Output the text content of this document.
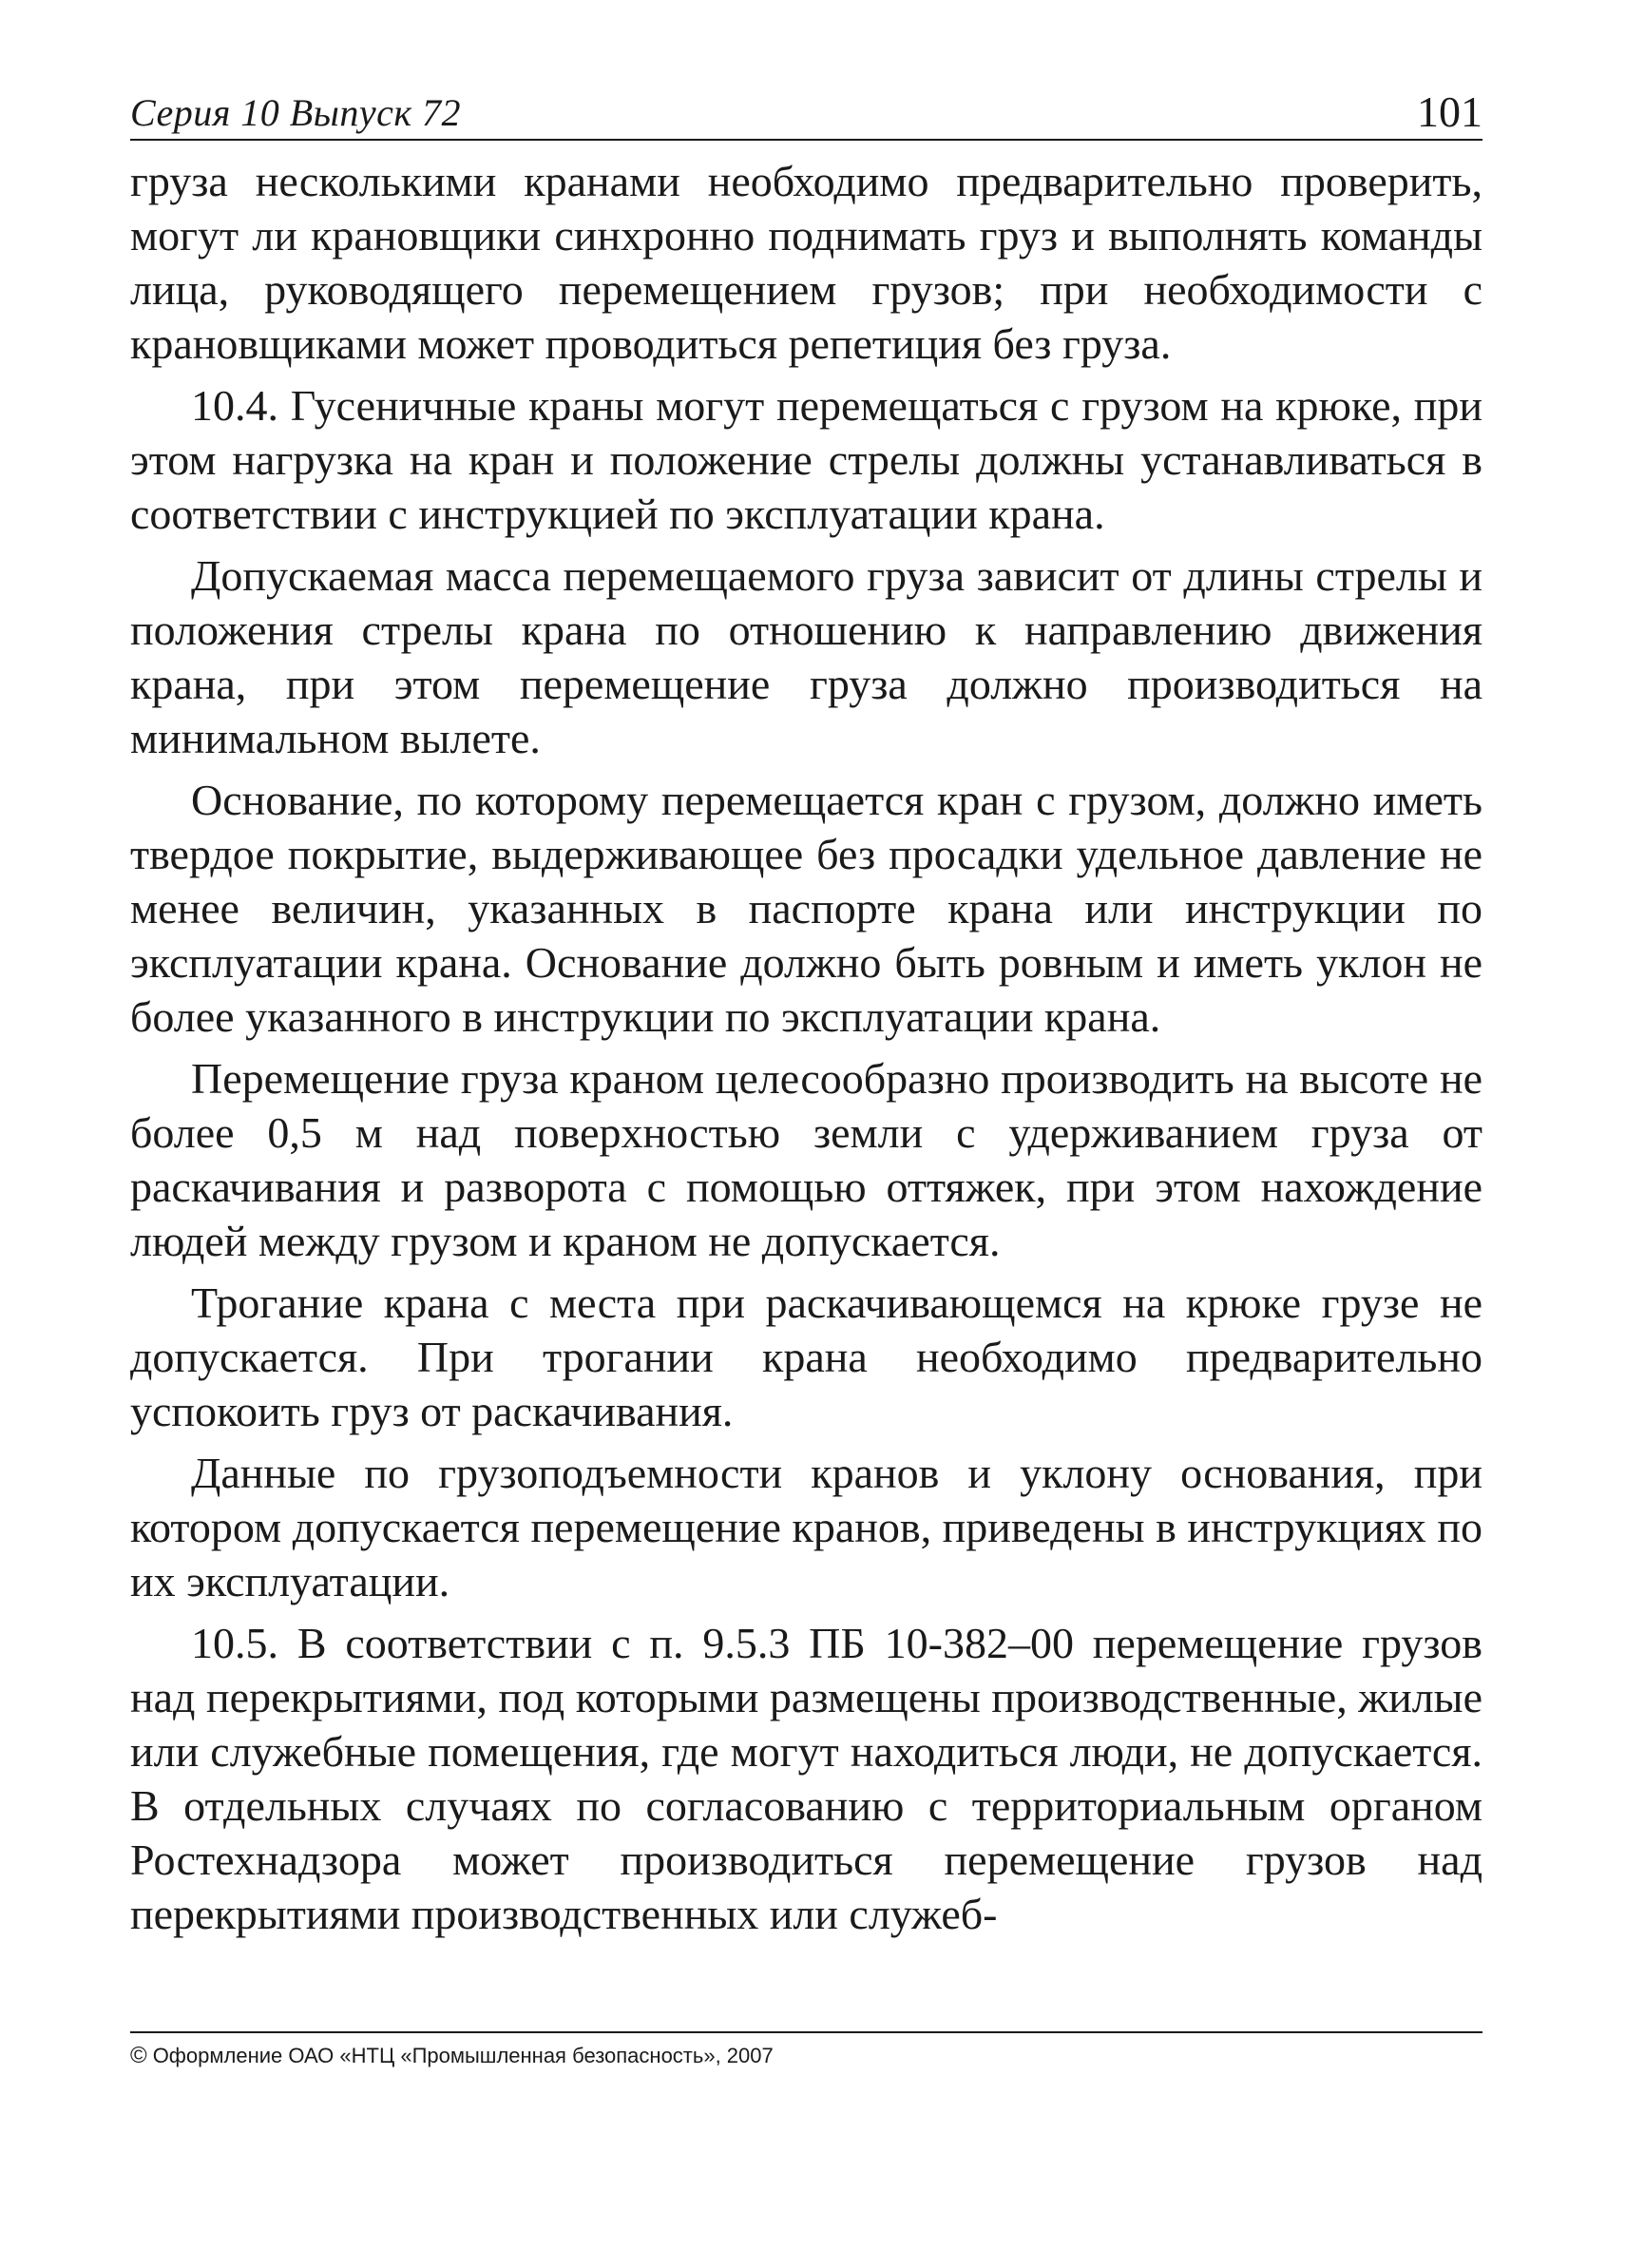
Серия 10 Выпуск 72	101

груза несколькими кранами необходимо предварительно проверить, могут ли крановщики синхронно поднимать груз и выполнять команды лица, руководящего перемещением грузов; при необходимости с крановщиками может проводиться репетиция без груза.

10.4. Гусеничные краны могут перемещаться с грузом на крюке, при этом нагрузка на кран и положение стрелы должны устанавливаться в соответствии с инструкцией по эксплуатации крана.

Допускаемая масса перемещаемого груза зависит от длины стрелы и положения стрелы крана по отношению к направлению движения крана, при этом перемещение груза должно производиться на минимальном вылете.

Основание, по которому перемещается кран с грузом, должно иметь твердое покрытие, выдерживающее без просадки удельное давление не менее величин, указанных в паспорте крана или инструкции по эксплуатации крана. Основание должно быть ровным и иметь уклон не более указанного в инструкции по эксплуатации крана.

Перемещение груза краном целесообразно производить на высоте не более 0,5 м над поверхностью земли с удерживанием груза от раскачивания и разворота с помощью оттяжек, при этом нахождение людей между грузом и краном не допускается.

Трогание крана с места при раскачивающемся на крюке грузе не допускается. При трогании крана необходимо предварительно успокоить груз от раскачивания.

Данные по грузоподъемности кранов и уклону основания, при котором допускается перемещение кранов, приведены в инструкциях по их эксплуатации.

10.5. В соответствии с п. 9.5.3 ПБ 10-382–00 перемещение грузов над перекрытиями, под которыми размещены производственные, жилые или служебные помещения, где могут находиться люди, не допускается. В отдельных случаях по согласованию с территориальным органом Ростехнадзора может производиться перемещение грузов над перекрытиями производственных или служеб-

© Оформление ОАО «НТЦ «Промышленная безопасность», 2007
